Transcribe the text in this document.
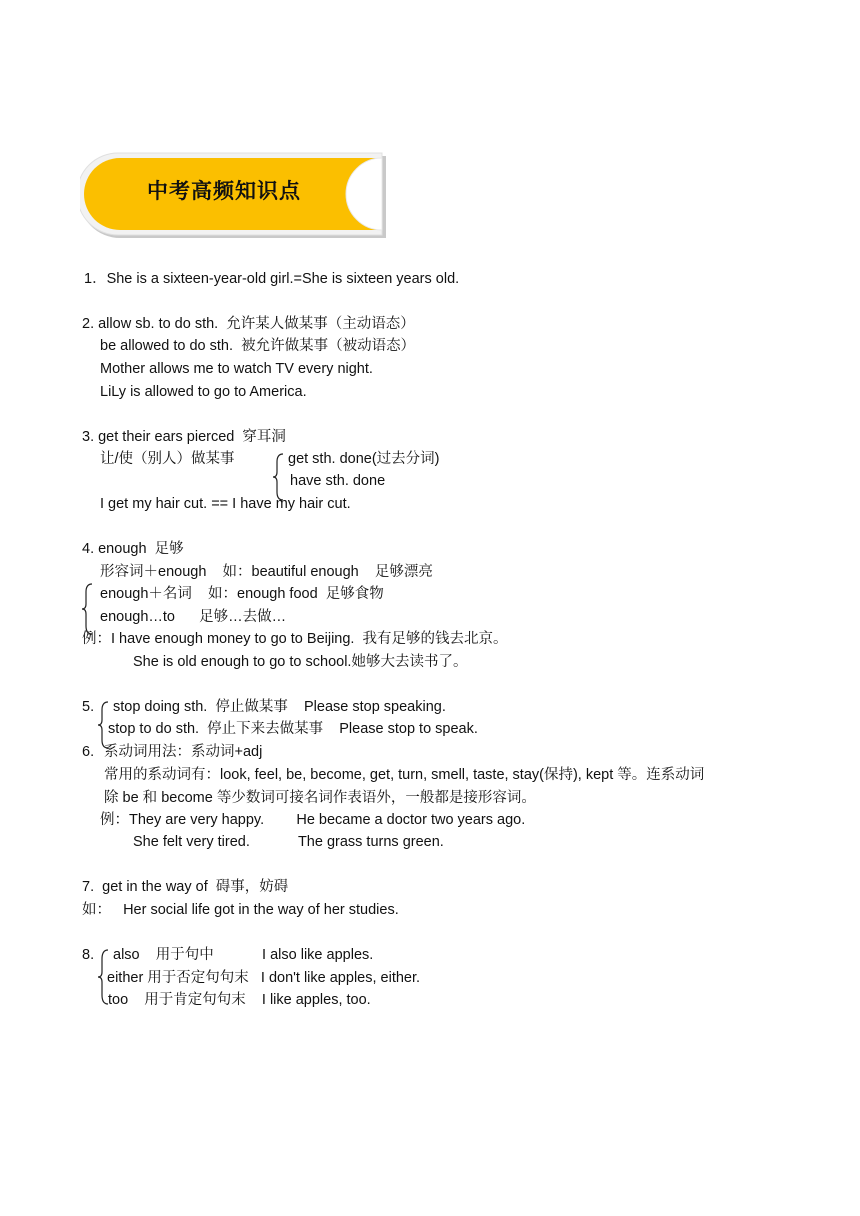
中考高频知识点
1．She is a sixteen-year-old girl.=She is sixteen years old.
2. allow sb. to do sth.  允许某人做某事（主动语态）
be allowed to do sth.  被允许做某事（被动语态）
Mother allows me to watch TV every night.
LiLy is allowed to go to America.
3. get their ears pierced  穿耳洞
让/使（别人）做某事	get sth. done(过去分词)
have sth. done
I get my hair cut. == I have my hair cut.
4. enough  足够
形容词＋enough    如：beautiful enough    足够漂亮
enough＋名词    如：enough food  足够食物
enough…to      足够…去做…
例：I have enough money to go to Beijing.  我有足够的钱去北京。
She is old enough to go to school.她够大去读书了。
5. stop doing sth.  停止做某事    Please stop speaking.
stop to do sth.  停止下来去做某事    Please stop to speak.
6. 系动词用法：系动词+adj
常用的系动词有：look, feel, be, become, get, turn, smell, taste, stay(保持), kept 等。连系动词
除 be 和 become 等少数词可接名词作表语外，一般都是接形容词。
例：They are very happy.        He became a doctor two years ago.
She felt very tired.            The grass turns green.
7.  get in the way of  碍事，妨碍
如：   Her social life got in the way of her studies.
8. also    用于句中            I also like apples.
either 用于否定句句末   I don't like apples, either.
too    用于肯定句句末    I like apples, too.
